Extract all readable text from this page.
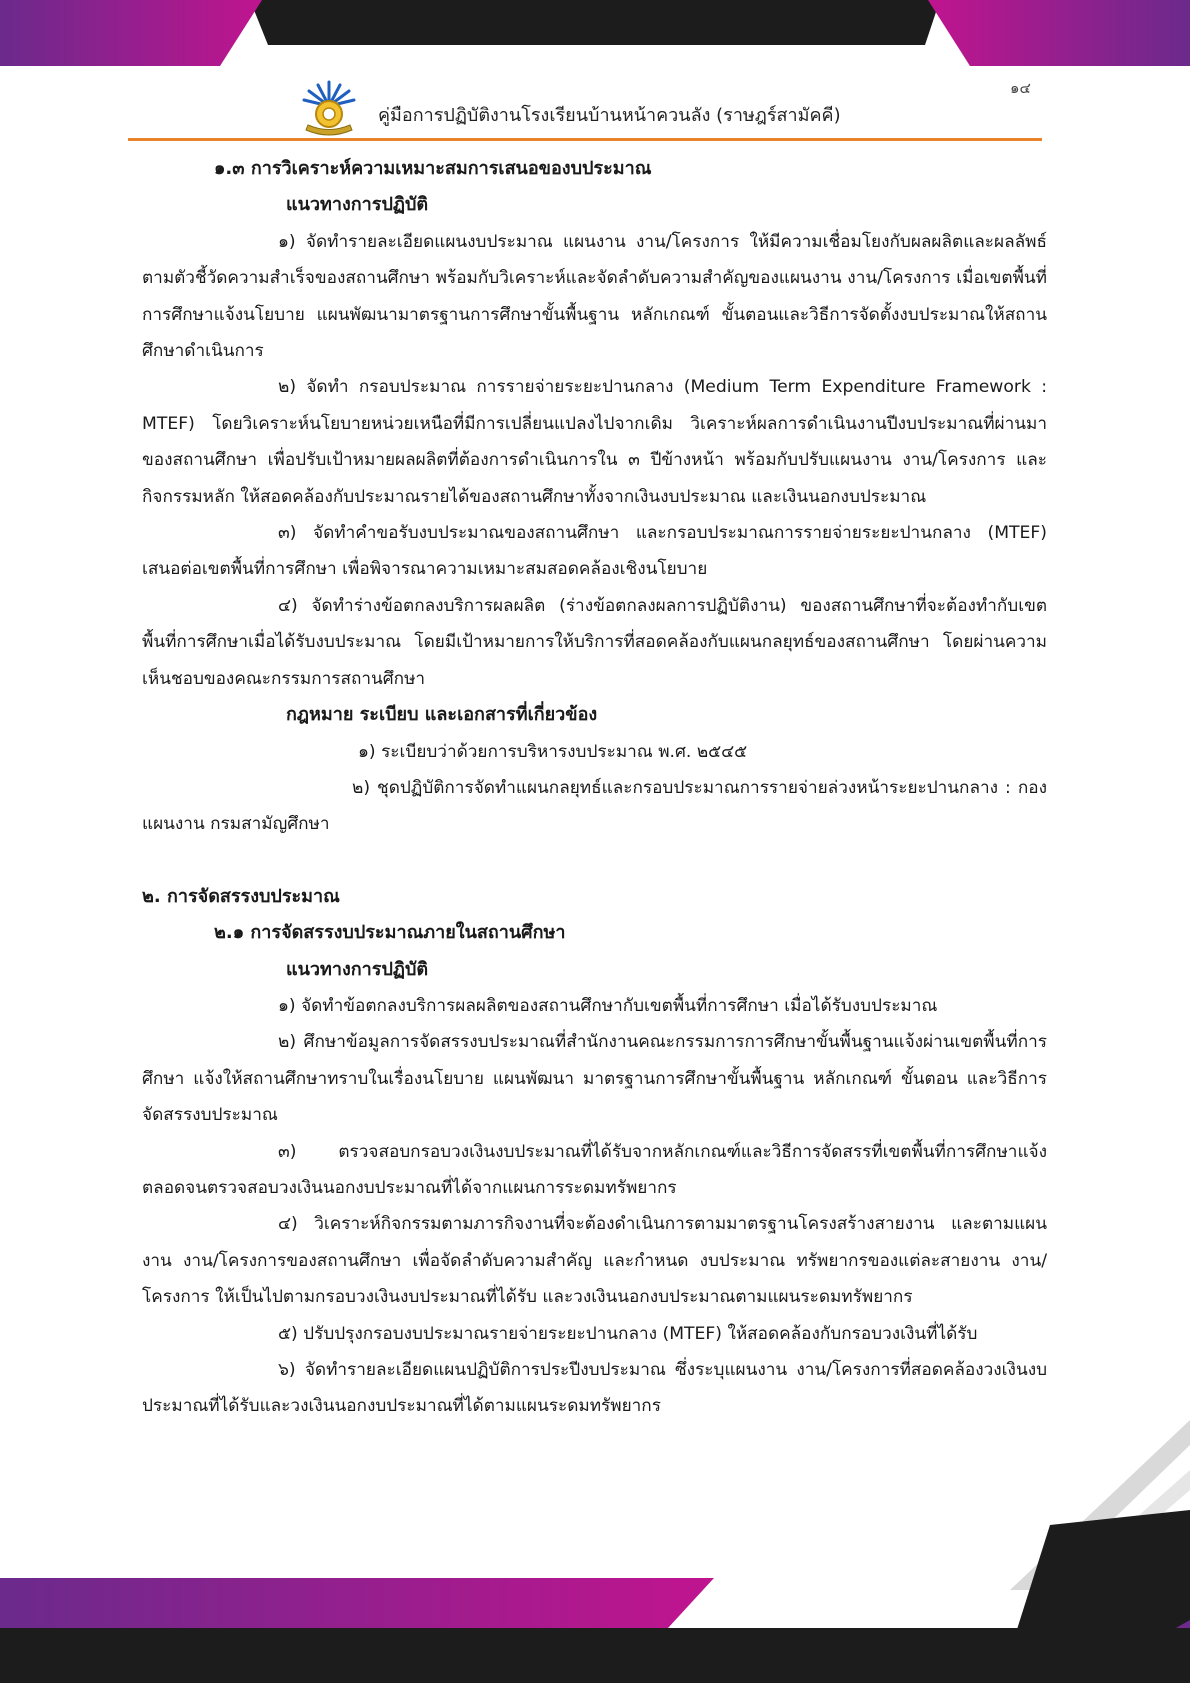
คู่มือการปฏิบัติงานโรงเรียนบ้านหน้าควนลัง (ราษฎร์สามัคคี)
๑๔

๑.๓ การวิเคราะห์ความเหมาะสมการเสนอของบประมาณ

แนวทางการปฏิบัติ

๑) จัดทำรายละเอียดแผนงบประมาณ แผนงาน งาน/โครงการ ให้มีความเชื่อมโยงกับผลผลิตและผลลัพธ์ ตามตัวชี้วัดความสำเร็จของสถานศึกษา พร้อมกับวิเคราะห์และจัดลำดับความสำคัญของแผนงาน งาน/โครงการ เมื่อเขตพื้นที่การศึกษาแจ้งนโยบาย แผนพัฒนามาตรฐานการศึกษาขั้นพื้นฐาน หลักเกณฑ์ ขั้นตอนและวิธีการจัดตั้งงบประมาณให้สถานศึกษาดำเนินการ

๒) จัดทำ กรอบประมาณ การรายจ่ายระยะปานกลาง (Medium Term Expenditure Framework : MTEF) โดยวิเคราะห์นโยบายหน่วยเหนือที่มีการเปลี่ยนแปลงไปจากเดิม วิเคราะห์ผลการดำเนินงานปีงบประมาณที่ผ่านมาของสถานศึกษา เพื่อปรับเป้าหมายผลผลิตที่ต้องการดำเนินการใน ๓ ปีข้างหน้า พร้อมกับปรับแผนงาน งาน/โครงการ และกิจกรรมหลัก ให้สอดคล้องกับประมาณรายได้ของสถานศึกษาทั้งจากเงินงบประมาณ และเงินนอกงบประมาณ

๓) จัดทำคำขอรับงบประมาณของสถานศึกษา และกรอบประมาณการรายจ่ายระยะปานกลาง (MTEF) เสนอต่อเขตพื้นที่การศึกษา เพื่อพิจารณาความเหมาะสมสอดคล้องเชิงนโยบาย

๔) จัดทำร่างข้อตกลงบริการผลผลิต (ร่างข้อตกลงผลการปฏิบัติงาน) ของสถานศึกษาที่จะต้องทำกับเขตพื้นที่การศึกษาเมื่อได้รับงบประมาณ โดยมีเป้าหมายการให้บริการที่สอดคล้องกับแผนกลยุทธ์ของสถานศึกษา โดยผ่านความเห็นชอบของคณะกรรมการสถานศึกษา

กฎหมาย ระเบียบ และเอกสารที่เกี่ยวข้อง

๑) ระเบียบว่าด้วยการบริหารงบประมาณ พ.ศ. ๒๕๔๕

๒) ชุดปฏิบัติการจัดทำแผนกลยุทธ์และกรอบประมาณการรายจ่ายล่วงหน้าระยะปานกลาง : กองแผนงาน กรมสามัญศึกษา

๒. การจัดสรรงบประมาณ

๒.๑ การจัดสรรงบประมาณภายในสถานศึกษา

แนวทางการปฏิบัติ

๑) จัดทำข้อตกลงบริการผลผลิตของสถานศึกษากับเขตพื้นที่การศึกษา เมื่อได้รับงบประมาณ

๒) ศึกษาข้อมูลการจัดสรรงบประมาณที่สำนักงานคณะกรรมการการศึกษาขั้นพื้นฐานแจ้งผ่านเขตพื้นที่การศึกษา แจ้งให้สถานศึกษาทราบในเรื่องนโยบาย แผนพัฒนา มาตรฐานการศึกษาขั้นพื้นฐาน หลักเกณฑ์ ขั้นตอน และวิธีการจัดสรรงบประมาณ

๓) ตรวจสอบกรอบวงเงินงบประมาณที่ได้รับจากหลักเกณฑ์และวิธีการจัดสรรที่เขตพื้นที่การศึกษาแจ้ง ตลอดจนตรวจสอบวงเงินนอกงบประมาณที่ได้จากแผนการระดมทรัพยากร

๔) วิเคราะห์กิจกรรมตามภารกิจงานที่จะต้องดำเนินการตามมาตรฐานโครงสร้างสายงาน และตามแผนงาน งาน/โครงการของสถานศึกษา เพื่อจัดลำดับความสำคัญ และกำหนด งบประมาณ ทรัพยากรของแต่ละสายงาน งาน/โครงการ ให้เป็นไปตามกรอบวงเงินงบประมาณที่ได้รับ และวงเงินนอกงบประมาณตามแผนระดมทรัพยากร

๕) ปรับปรุงกรอบงบประมาณรายจ่ายระยะปานกลาง (MTEF) ให้สอดคล้องกับกรอบวงเงินที่ได้รับ

๖) จัดทำรายละเอียดแผนปฏิบัติการประปีงบประมาณ ซึ่งระบุแผนงาน งาน/โครงการที่สอดคล้องวงเงินงบประมาณที่ได้รับและวงเงินนอกงบประมาณที่ได้ตามแผนระดมทรัพยากร
